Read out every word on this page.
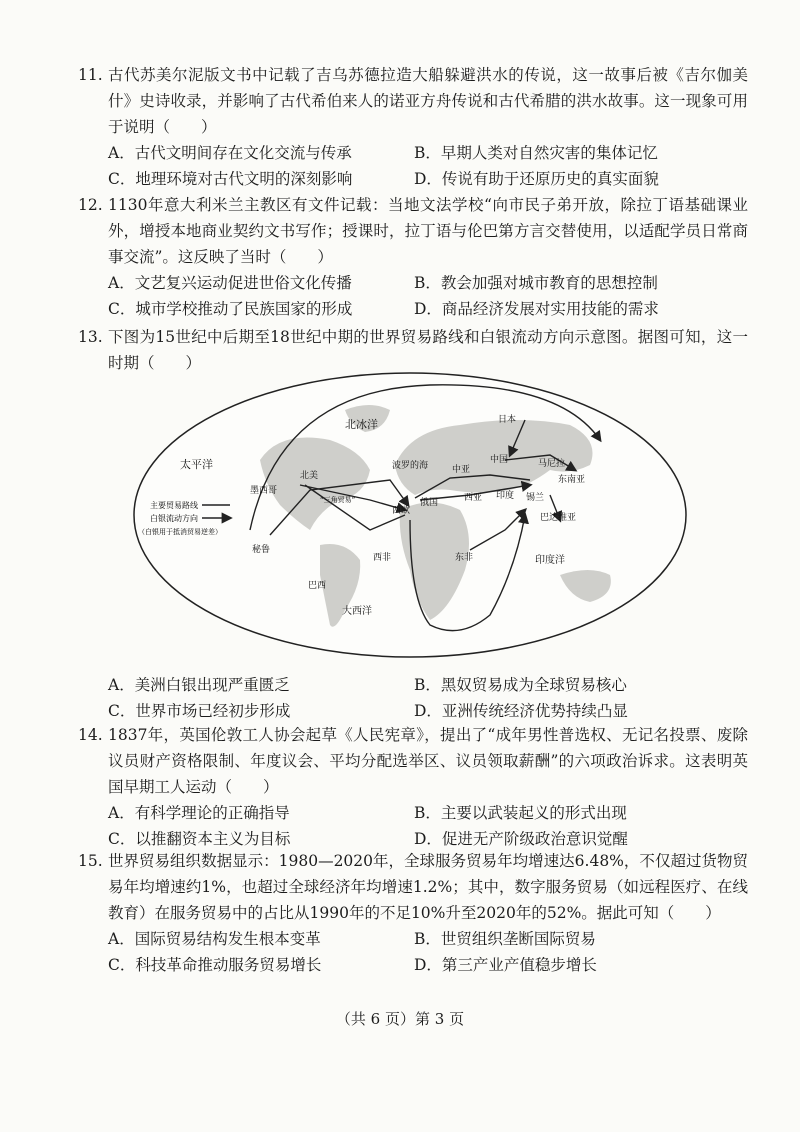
11. 古代苏美尔泥版文书中记载了吉乌苏德拉造大船躲避洪水的传说，这一故事后被《吉尔伽美什》史诗收录，并影响了古代希伯来人的诺亚方舟传说和古代希腊的洪水故事。这一现象可用于说明（　　）
A．古代文明间存在文化交流与传承	B．早期人类对自然灾害的集体记忆
C．地理环境对古代文明的深刻影响	D．传说有助于还原历史的真实面貌
12. 1130年意大利米兰主教区有文件记载：当地文法学校“向市民子弟开放，除拉丁语基础课业外，增授本地商业契约文书写作；授课时，拉丁语与伦巴第方言交替使用，以适配学员日常商事交流”。这反映了当时（　　）
A．文艺复兴运动促进世俗文化传播	B．教会加强对城市教育的思想控制
C．城市学校推动了民族国家的形成	D．商品经济发展对实用技能的需求
13. 下图为15世纪中后期至18世纪中期的世界贸易路线和白银流动方向示意图。据图可知，这一时期（　　）
主要贸易路线
白银流动方向
（白银用于抵消贸易逆差）
太平洋
北冰洋	日本
中国	马尼拉
东南亚
北美
墨西哥
波罗的海	中亚
“三角贸易”	俄国
西欧
西亚 印度 锡兰
巴达维亚
秘鲁
西非	东非	印度洋
巴西
大西洋
A．美洲白银出现严重匮乏	B．黑奴贸易成为全球贸易核心
C．世界市场已经初步形成	D．亚洲传统经济优势持续凸显
14. 1837年，英国伦敦工人协会起草《人民宪章》，提出了“成年男性普选权、无记名投票、废除议员财产资格限制、年度议会、平均分配选举区、议员领取薪酬”的六项政治诉求。这表明英国早期工人运动（　　）
A．有科学理论的正确指导	B．主要以武装起义的形式出现
C．以推翻资本主义为目标	D．促进无产阶级政治意识觉醒
15. 世界贸易组织数据显示：1980—2020年，全球服务贸易年均增速达6.48%，不仅超过货物贸易年均增速约1%，也超过全球经济年均增速1.2%；其中，数字服务贸易（如远程医疗、在线教育）在服务贸易中的占比从1990年的不足10%升至2020年的52%。据此可知（　　）
A．国际贸易结构发生根本变革	B．世贸组织垄断国际贸易
C．科技革命推动服务贸易增长	D．第三产业产值稳步增长
（共 6 页）第 3 页
